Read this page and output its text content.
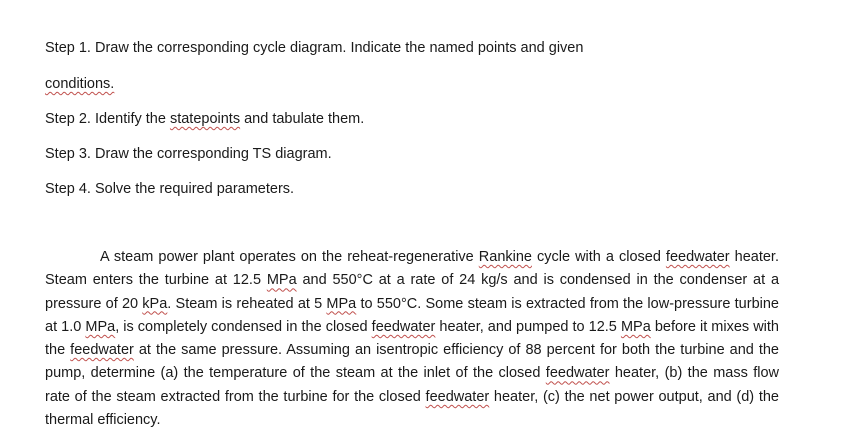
Step 1. Draw the corresponding cycle diagram. Indicate the named points and given
conditions.
Step 2. Identify the statepoints and tabulate them.
Step 3. Draw the corresponding TS diagram.
Step 4. Solve the required parameters.
A steam power plant operates on the reheat-regenerative Rankine cycle with a closed feedwater heater. Steam enters the turbine at 12.5 MPa and 550°C at a rate of 24 kg/s and is condensed in the condenser at a pressure of 20 kPa. Steam is reheated at 5 MPa to 550°C. Some steam is extracted from the low-pressure turbine at 1.0 MPa, is completely condensed in the closed feedwater heater, and pumped to 12.5 MPa before it mixes with the feedwater at the same pressure. Assuming an isentropic efficiency of 88 percent for both the turbine and the pump, determine (a) the temperature of the steam at the inlet of the closed feedwater heater, (b) the mass flow rate of the steam extracted from the turbine for the closed feedwater heater, (c) the net power output, and (d) the thermal efficiency.
